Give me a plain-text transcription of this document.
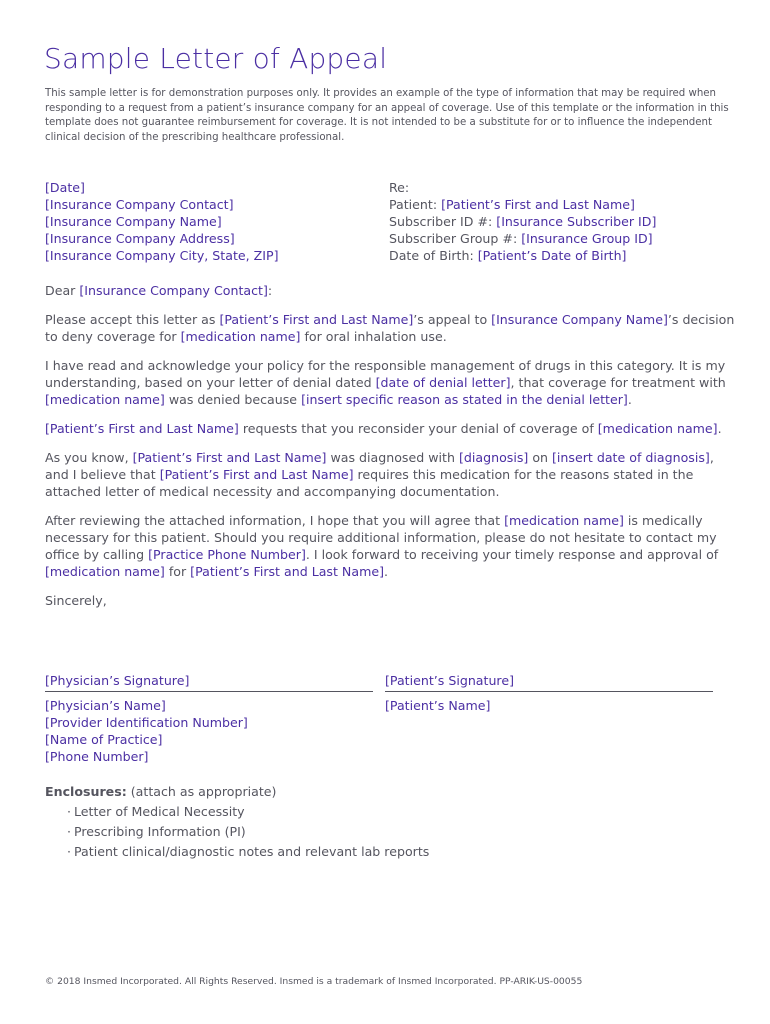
Sample Letter of Appeal
This sample letter is for demonstration purposes only. It provides an example of the type of information that may be required when responding to a request from a patient’s insurance company for an appeal of coverage. Use of this template or the information in this template does not guarantee reimbursement for coverage. It is not intended to be a substitute for or to influence the independent clinical decision of the prescribing healthcare professional.
[Date]
[Insurance Company Contact]
[Insurance Company Name]
[Insurance Company Address]
[Insurance Company City, State, ZIP]
Re:
Patient: [Patient’s First and Last Name]
Subscriber ID #: [Insurance Subscriber ID]
Subscriber Group #: [Insurance Group ID]
Date of Birth: [Patient’s Date of Birth]

Dear [Insurance Company Contact]:

Please accept this letter as [Patient’s First and Last Name]’s appeal to [Insurance Company Name]’s decision to deny coverage for [medication name] for oral inhalation use.

I have read and acknowledge your policy for the responsible management of drugs in this category. It is my understanding, based on your letter of denial dated [date of denial letter], that coverage for treatment with [medication name] was denied because [insert specific reason as stated in the denial letter].

[Patient’s First and Last Name] requests that you reconsider your denial of coverage of [medication name].

As you know, [Patient’s First and Last Name] was diagnosed with [diagnosis] on [insert date of diagnosis], and I believe that [Patient’s First and Last Name] requires this medication for the reasons stated in the attached letter of medical necessity and accompanying documentation.

After reviewing the attached information, I hope that you will agree that [medication name] is medically necessary for this patient. Should you require additional information, please do not hesitate to contact my office by calling [Practice Phone Number]. I look forward to receiving your timely response and approval of [medication name] for [Patient’s First and Last Name].

Sincerely,

[Physician’s Signature]	[Patient’s Signature]
[Physician’s Name]
[Provider Identification Number]
[Name of Practice]
[Phone Number]
[Patient’s Name]
Enclosures: (attach as appropriate)
· Letter of Medical Necessity
· Prescribing Information (PI)
· Patient clinical/diagnostic notes and relevant lab reports
© 2018 Insmed Incorporated. All Rights Reserved. Insmed is a trademark of Insmed Incorporated. PP-ARIK-US-00055
